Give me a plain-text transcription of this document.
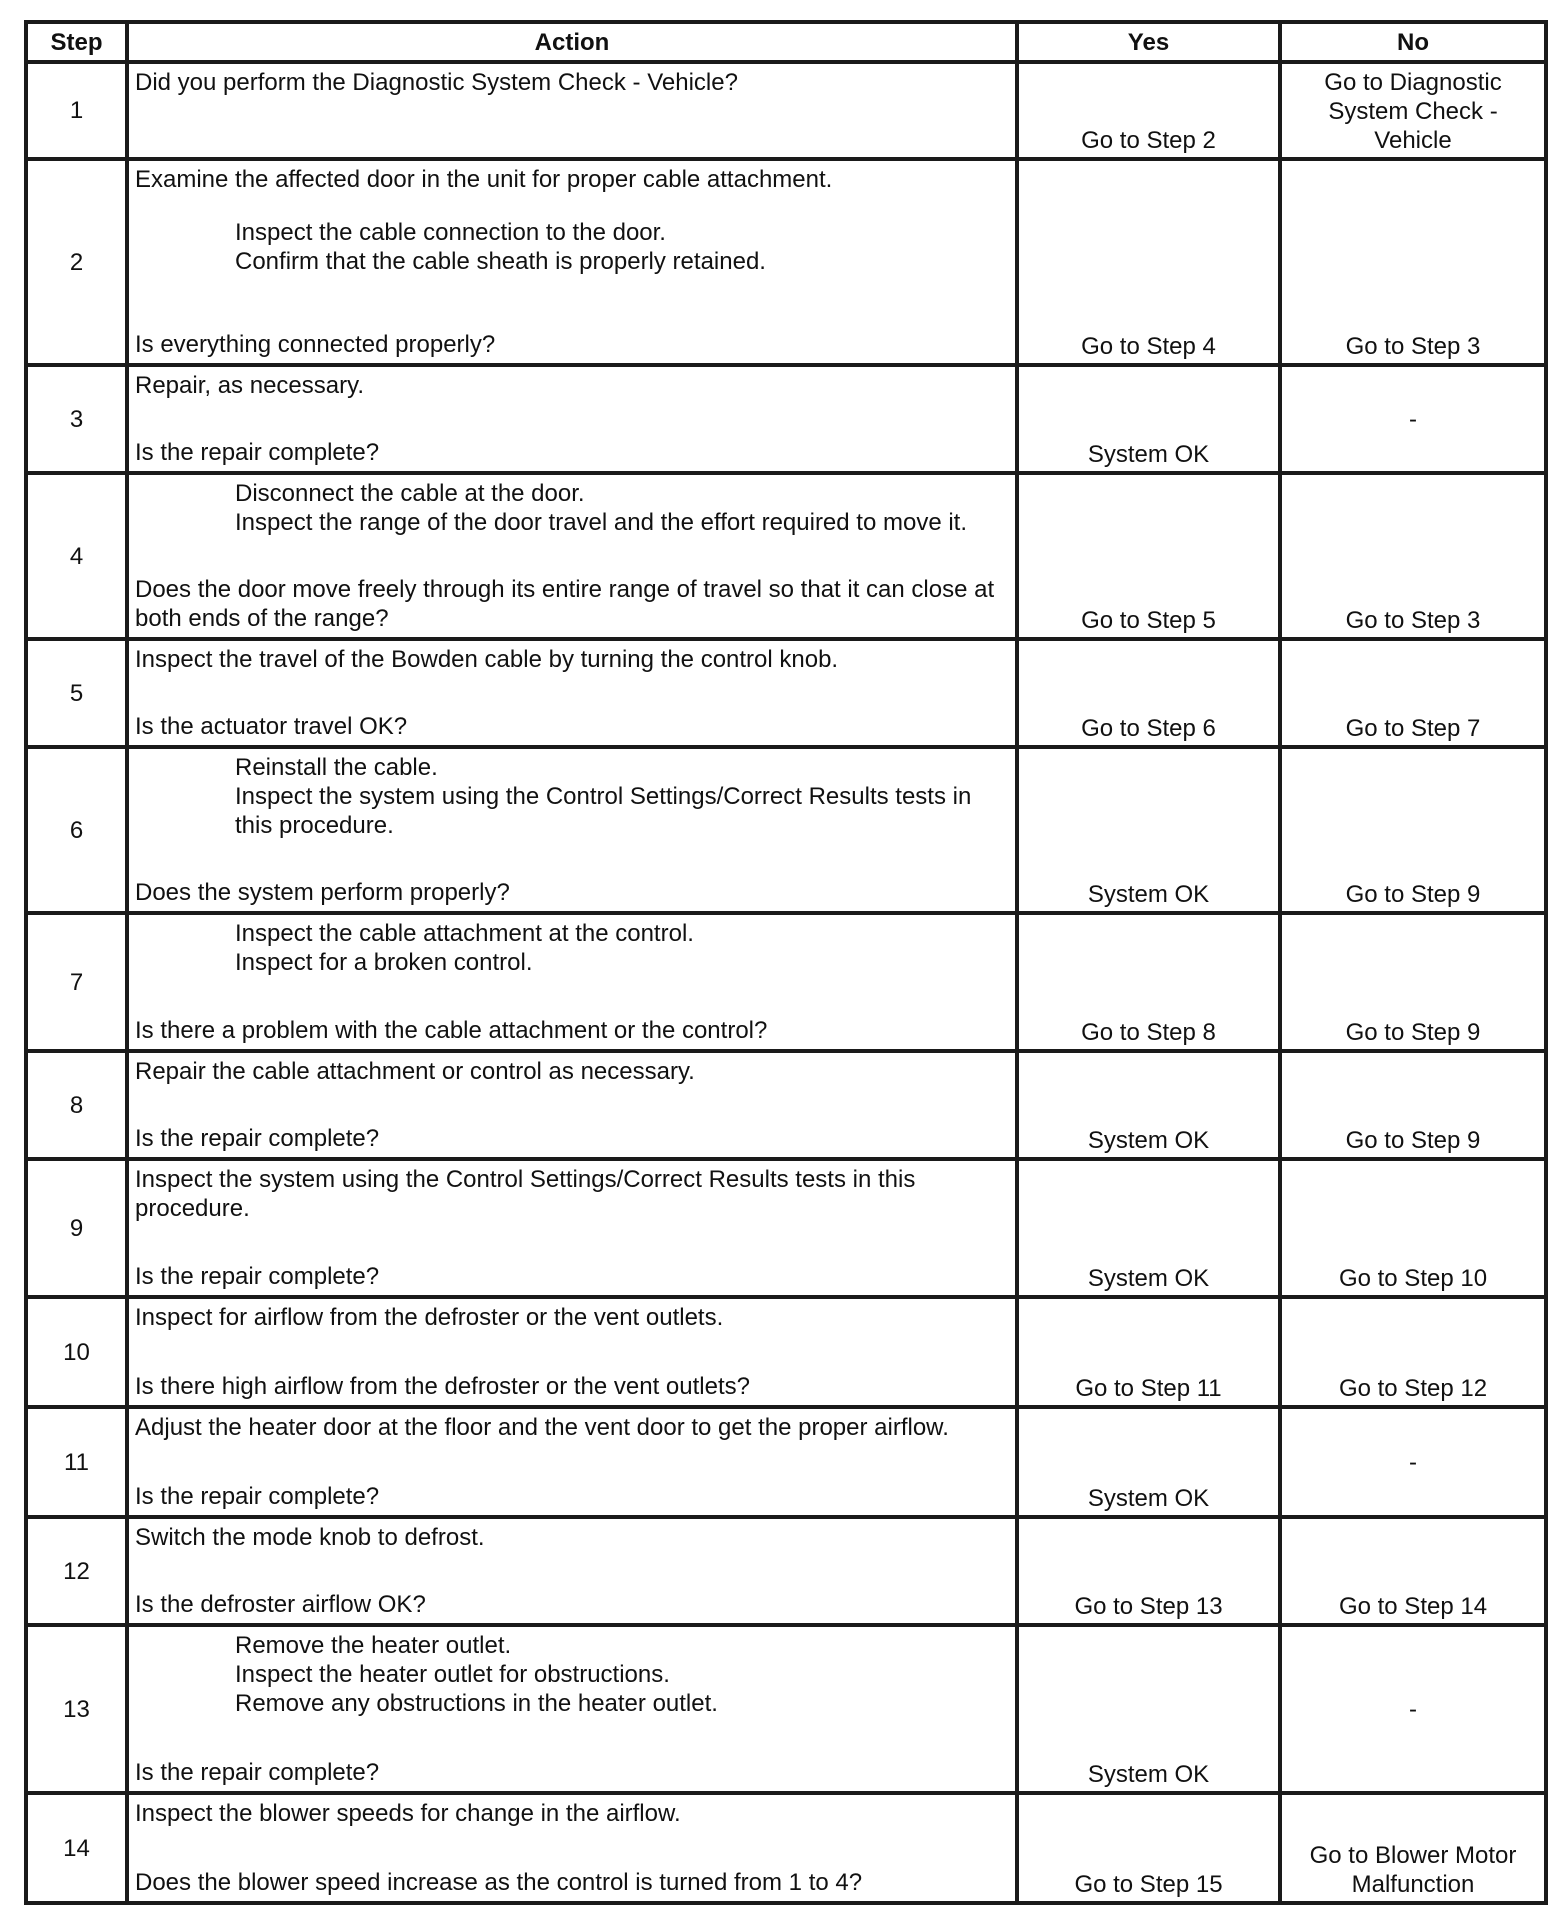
Step	Action	Yes	No
1	Did you perform the Diagnostic System Check - Vehicle?	Go to Step 2	Go to Diagnostic System Check - Vehicle
2	Examine the affected door in the unit for proper cable attachment.
Inspect the cable connection to the door.
Confirm that the cable sheath is properly retained.
Is everything connected properly?	Go to Step 4	Go to Step 3
3	Repair, as necessary.
Is the repair complete?	System OK	-
4	Disconnect the cable at the door.
Inspect the range of the door travel and the effort required to move it.
Does the door move freely through its entire range of travel so that it can close at both ends of the range?	Go to Step 5	Go to Step 3
5	Inspect the travel of the Bowden cable by turning the control knob.
Is the actuator travel OK?	Go to Step 6	Go to Step 7
6	Reinstall the cable.
Inspect the system using the Control Settings/Correct Results tests in this procedure.
Does the system perform properly?	System OK	Go to Step 9
7	Inspect the cable attachment at the control.
Inspect for a broken control.
Is there a problem with the cable attachment or the control?	Go to Step 8	Go to Step 9
8	Repair the cable attachment or control as necessary.
Is the repair complete?	System OK	Go to Step 9
9	Inspect the system using the Control Settings/Correct Results tests in this procedure.
Is the repair complete?	System OK	Go to Step 10
10	Inspect for airflow from the defroster or the vent outlets.
Is there high airflow from the defroster or the vent outlets?	Go to Step 11	Go to Step 12
11	Adjust the heater door at the floor and the vent door to get the proper airflow.
Is the repair complete?	System OK	-
12	Switch the mode knob to defrost.
Is the defroster airflow OK?	Go to Step 13	Go to Step 14
13	Remove the heater outlet.
Inspect the heater outlet for obstructions.
Remove any obstructions in the heater outlet.
Is the repair complete?	System OK	-
14	Inspect the blower speeds for change in the airflow.
Does the blower speed increase as the control is turned from 1 to 4?	Go to Step 15	Go to Blower Motor Malfunction
